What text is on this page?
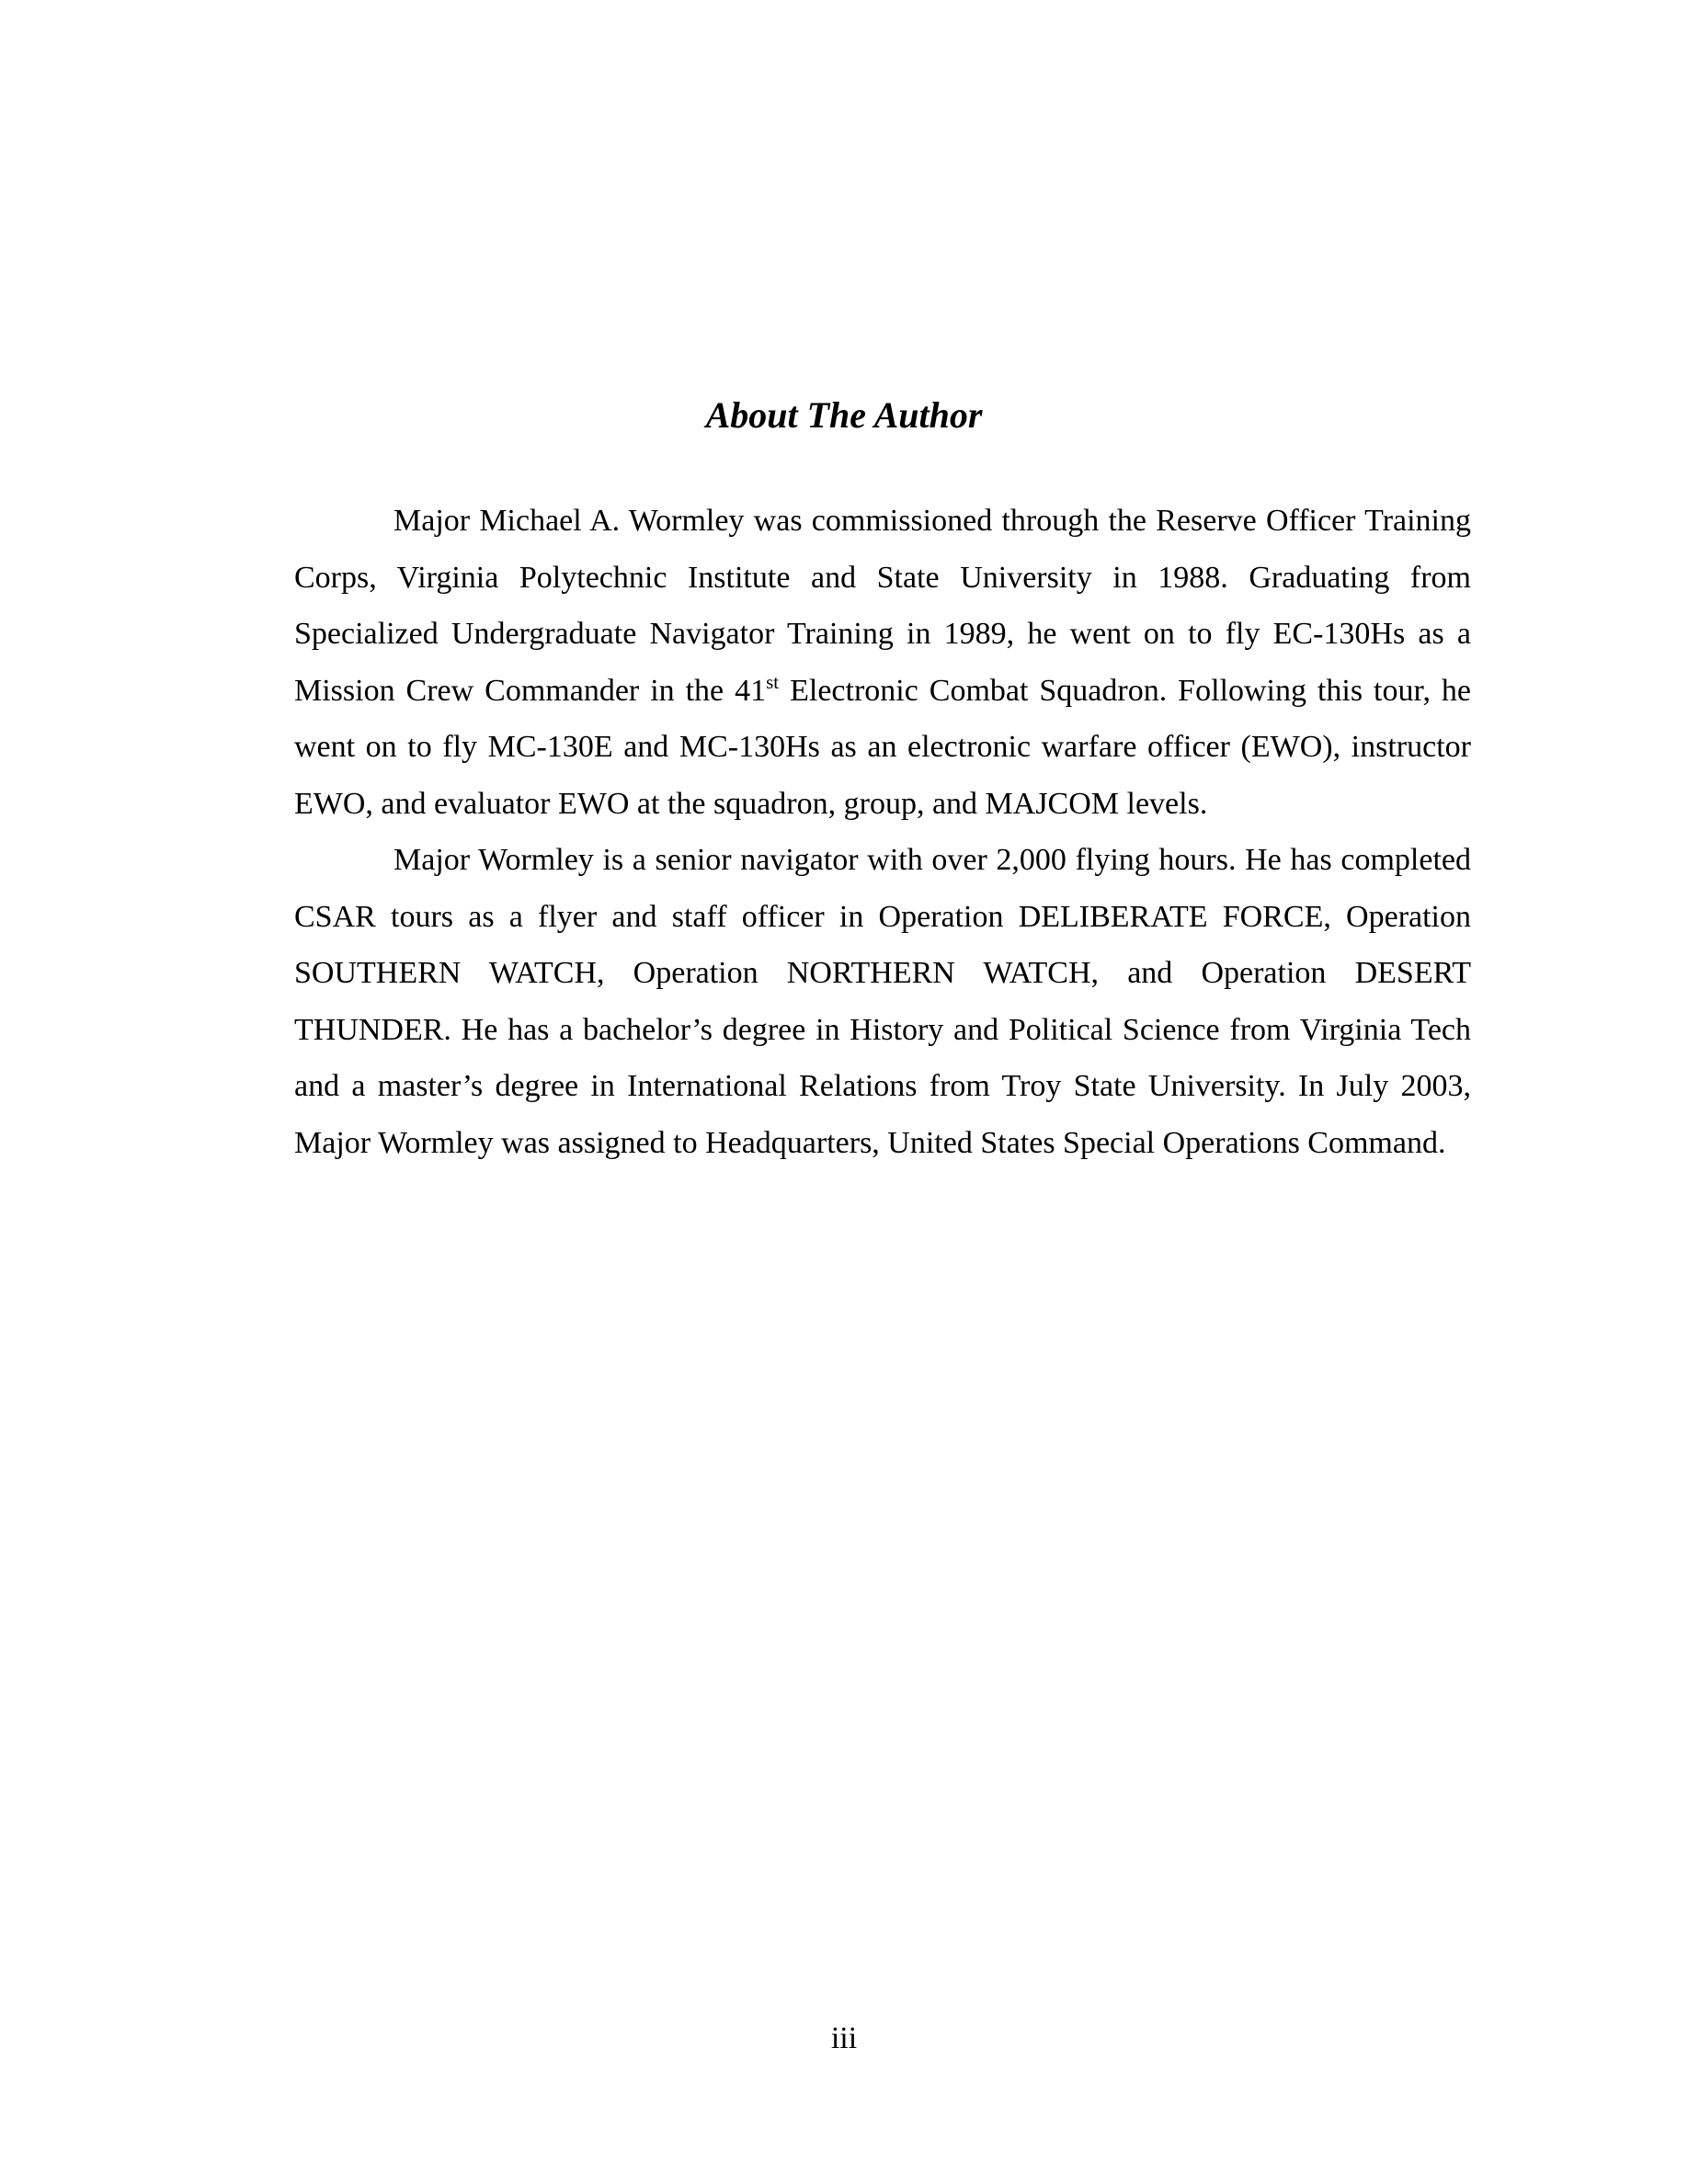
About The Author

Major Michael A. Wormley was commissioned through the Reserve Officer Training Corps, Virginia Polytechnic Institute and State University in 1988. Graduating from Specialized Undergraduate Navigator Training in 1989, he went on to fly EC-130Hs as a Mission Crew Commander in the 41st Electronic Combat Squadron. Following this tour, he went on to fly MC-130E and MC-130Hs as an electronic warfare officer (EWO), instructor EWO, and evaluator EWO at the squadron, group, and MAJCOM levels.

Major Wormley is a senior navigator with over 2,000 flying hours. He has completed CSAR tours as a flyer and staff officer in Operation DELIBERATE FORCE, Operation SOUTHERN WATCH, Operation NORTHERN WATCH, and Operation DESERT THUNDER. He has a bachelor’s degree in History and Political Science from Virginia Tech and a master’s degree in International Relations from Troy State University. In July 2003, Major Wormley was assigned to Headquarters, United States Special Operations Command.

iii
